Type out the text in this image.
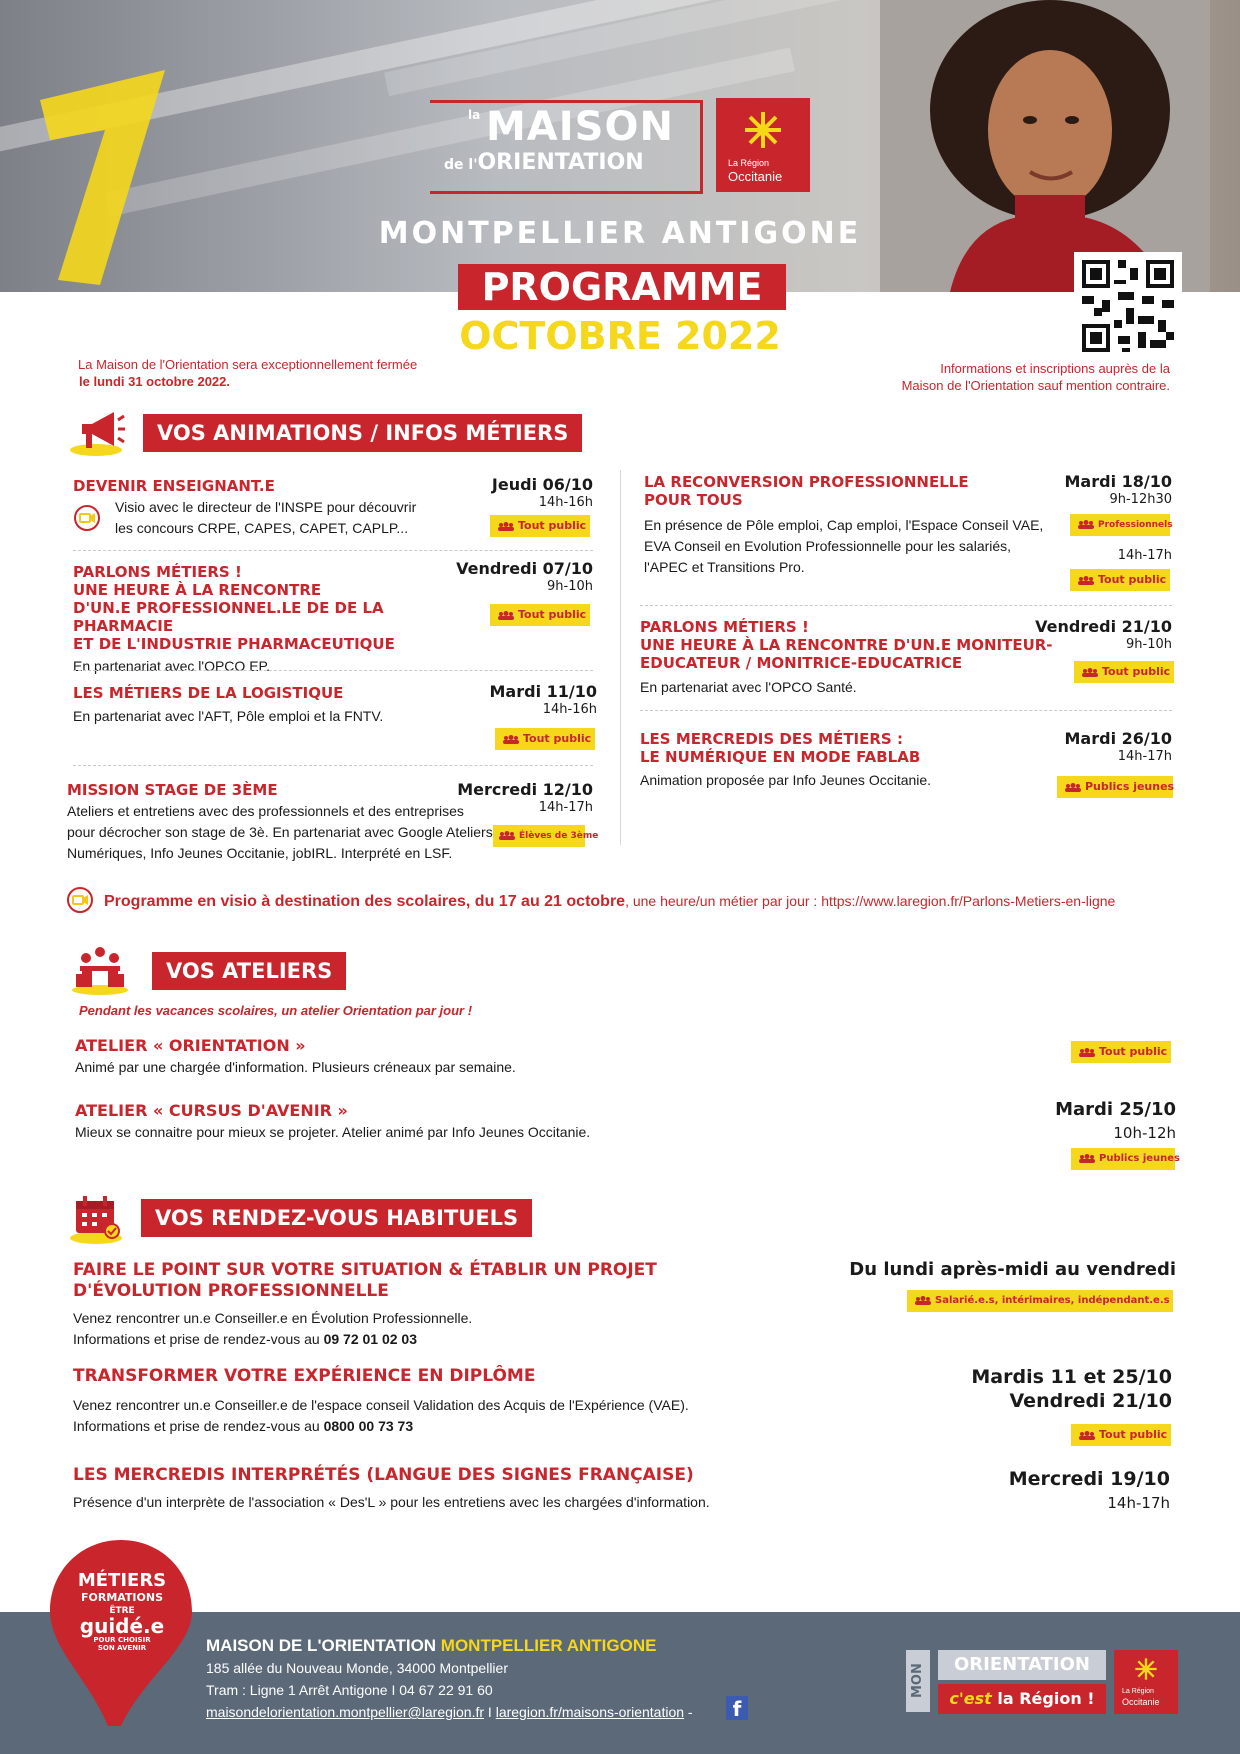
la MAISON
de l'ORIENTATION	La Région
Occitanie
MONTPELLIER ANTIGONE
PROGRAMME
OCTOBRE 2022
La Maison de l'Orientation sera exceptionnellement fermée
le lundi 31 octobre 2022.
Informations et inscriptions auprès de la
Maison de l'Orientation sauf mention contraire.
VOS ANIMATIONS / INFOS MÉTIERS
DEVENIR ENSEIGNANT.E
Visio avec le directeur de l'INSPE pour découvrir
les concours CRPE, CAPES, CAPET, CAPLP...
Jeudi 06/10
14h-16h
Tout public
PARLONS MÉTIERS !
UNE HEURE À LA RENCONTRE
D'UN.E PROFESSIONNEL.LE DE DE LA PHARMACIE
ET DE L'INDUSTRIE PHARMACEUTIQUE
En partenariat avec l'OPCO EP.
Vendredi 07/10
9h-10h
Tout public
LES MÉTIERS DE LA LOGISTIQUE
En partenariat avec l'AFT, Pôle emploi et la FNTV.
Mardi 11/10
14h-16h
Tout public
MISSION STAGE DE 3ÈME
Ateliers et entretiens avec des professionnels et des entreprises
pour décrocher son stage de 3è. En partenariat avec Google Ateliers
Numériques, Info Jeunes Occitanie, jobIRL. Interprété en LSF.
Mercredi 12/10
14h-17h
Élèves de 3ème
LA RECONVERSION PROFESSIONNELLE
POUR TOUS
En présence de Pôle emploi, Cap emploi, l'Espace Conseil VAE,
EVA Conseil en Evolution Professionnelle pour les salariés,
l'APEC et Transitions Pro.
Mardi 18/10
9h-12h30
Professionnels
14h-17h
Tout public
PARLONS MÉTIERS !
UNE HEURE À LA RENCONTRE D'UN.E MONITEUR-
EDUCATEUR / MONITRICE-EDUCATRICE
En partenariat avec l'OPCO Santé.
Vendredi 21/10
9h-10h
Tout public
LES MERCREDIS DES MÉTIERS :
LE NUMÉRIQUE EN MODE FABLAB
Animation proposée par Info Jeunes Occitanie.
Mardi 26/10
14h-17h
Publics jeunes
Programme en visio à destination des scolaires, du 17 au 21 octobre, une heure/un métier par jour : https://www.laregion.fr/Parlons-Metiers-en-ligne
VOS ATELIERS
Pendant les vacances scolaires, un atelier Orientation par jour !
ATELIER « ORIENTATION »
Animé par une chargée d'information. Plusieurs créneaux par semaine.
Tout public
ATELIER « CURSUS D'AVENIR »
Mieux se connaitre pour mieux se projeter. Atelier animé par Info Jeunes Occitanie.
Mardi 25/10
10h-12h
Publics jeunes
VOS RENDEZ-VOUS HABITUELS
FAIRE LE POINT SUR VOTRE SITUATION & ÉTABLIR UN PROJET
D'ÉVOLUTION PROFESSIONNELLE
Venez rencontrer un.e Conseiller.e en Évolution Professionnelle.
Informations et prise de rendez-vous au 09 72 01 02 03
Du lundi après-midi au vendredi
Salarié.e.s, intérimaires, indépendant.e.s
TRANSFORMER VOTRE EXPÉRIENCE EN DIPLÔME
Venez rencontrer un.e Conseiller.e de l'espace conseil Validation des Acquis de l'Expérience (VAE).
Informations et prise de rendez-vous au 0800 00 73 73
Mardis 11 et 25/10
Vendredi 21/10
Tout public
LES MERCREDIS INTERPRÉTÉS (LANGUE DES SIGNES FRANÇAISE)
Présence d'un interprète de l'association « Des'L » pour les entretiens avec les chargées d'information.
Mercredi 19/10
14h-17h
MÉTIERS
FORMATIONS
ÊTRE
guidé.e
POUR CHOISIR
SON AVENIR	MAISON DE L'ORIENTATION MONTPELLIER ANTIGONE
185 allée du Nouveau Monde, 34000 Montpellier
Tram : Ligne 1 Arrêt Antigone I 04 67 22 91 60
maisondelorientation.montpellier@laregion.fr I laregion.fr/maisons-orientation -	f
MON	ORIENTATION
c'est la Région !	La Région
Occitanie
